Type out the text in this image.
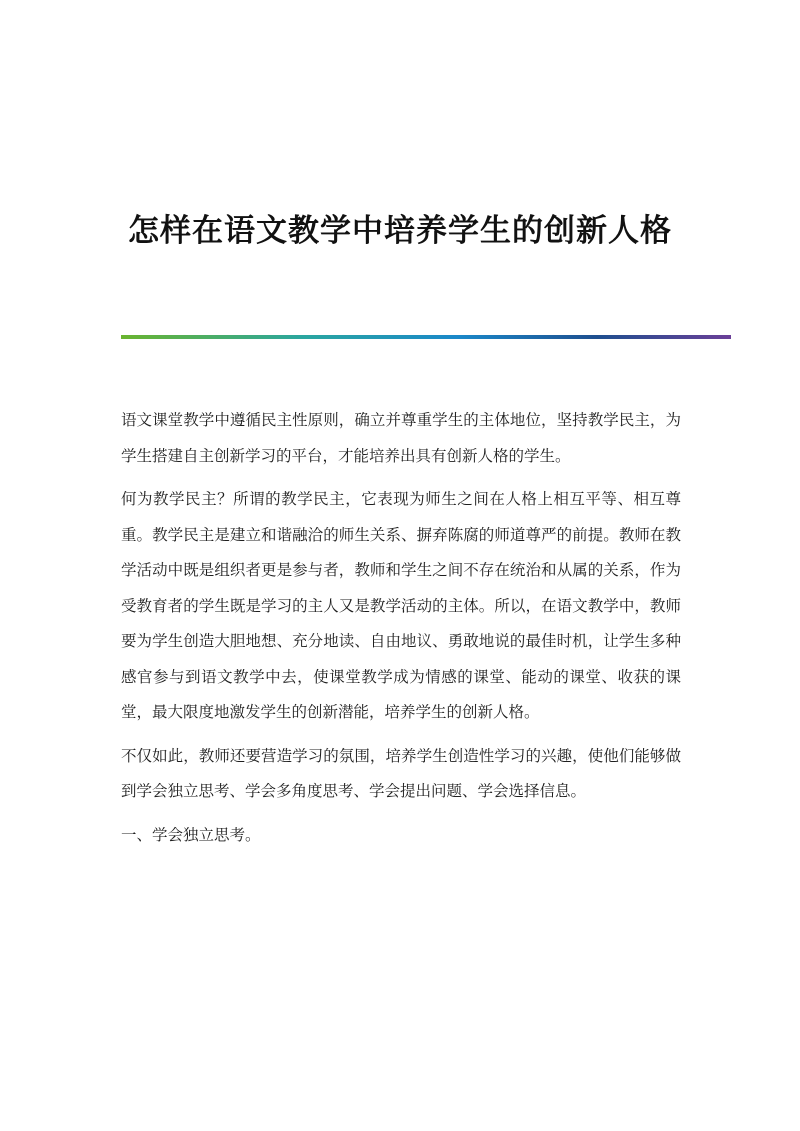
怎样在语文教学中培养学生的创新人格

语文课堂教学中遵循民主性原则，确立并尊重学生的主体地位，坚持教学民主，为学生搭建自主创新学习的平台，才能培养出具有创新人格的学生。

何为教学民主？所谓的教学民主，它表现为师生之间在人格上相互平等、相互尊重。教学民主是建立和谐融洽的师生关系、摒弃陈腐的师道尊严的前提。教师在教学活动中既是组织者更是参与者，教师和学生之间不存在统治和从属的关系，作为受教育者的学生既是学习的主人又是教学活动的主体。所以，在语文教学中，教师要为学生创造大胆地想、充分地读、自由地议、勇敢地说的最佳时机，让学生多种感官参与到语文教学中去，使课堂教学成为情感的课堂、能动的课堂、收获的课堂，最大限度地激发学生的创新潜能，培养学生的创新人格。

不仅如此，教师还要营造学习的氛围，培养学生创造性学习的兴趣，使他们能够做到学会独立思考、学会多角度思考、学会提出问题、学会选择信息。

一、学会独立思考。
